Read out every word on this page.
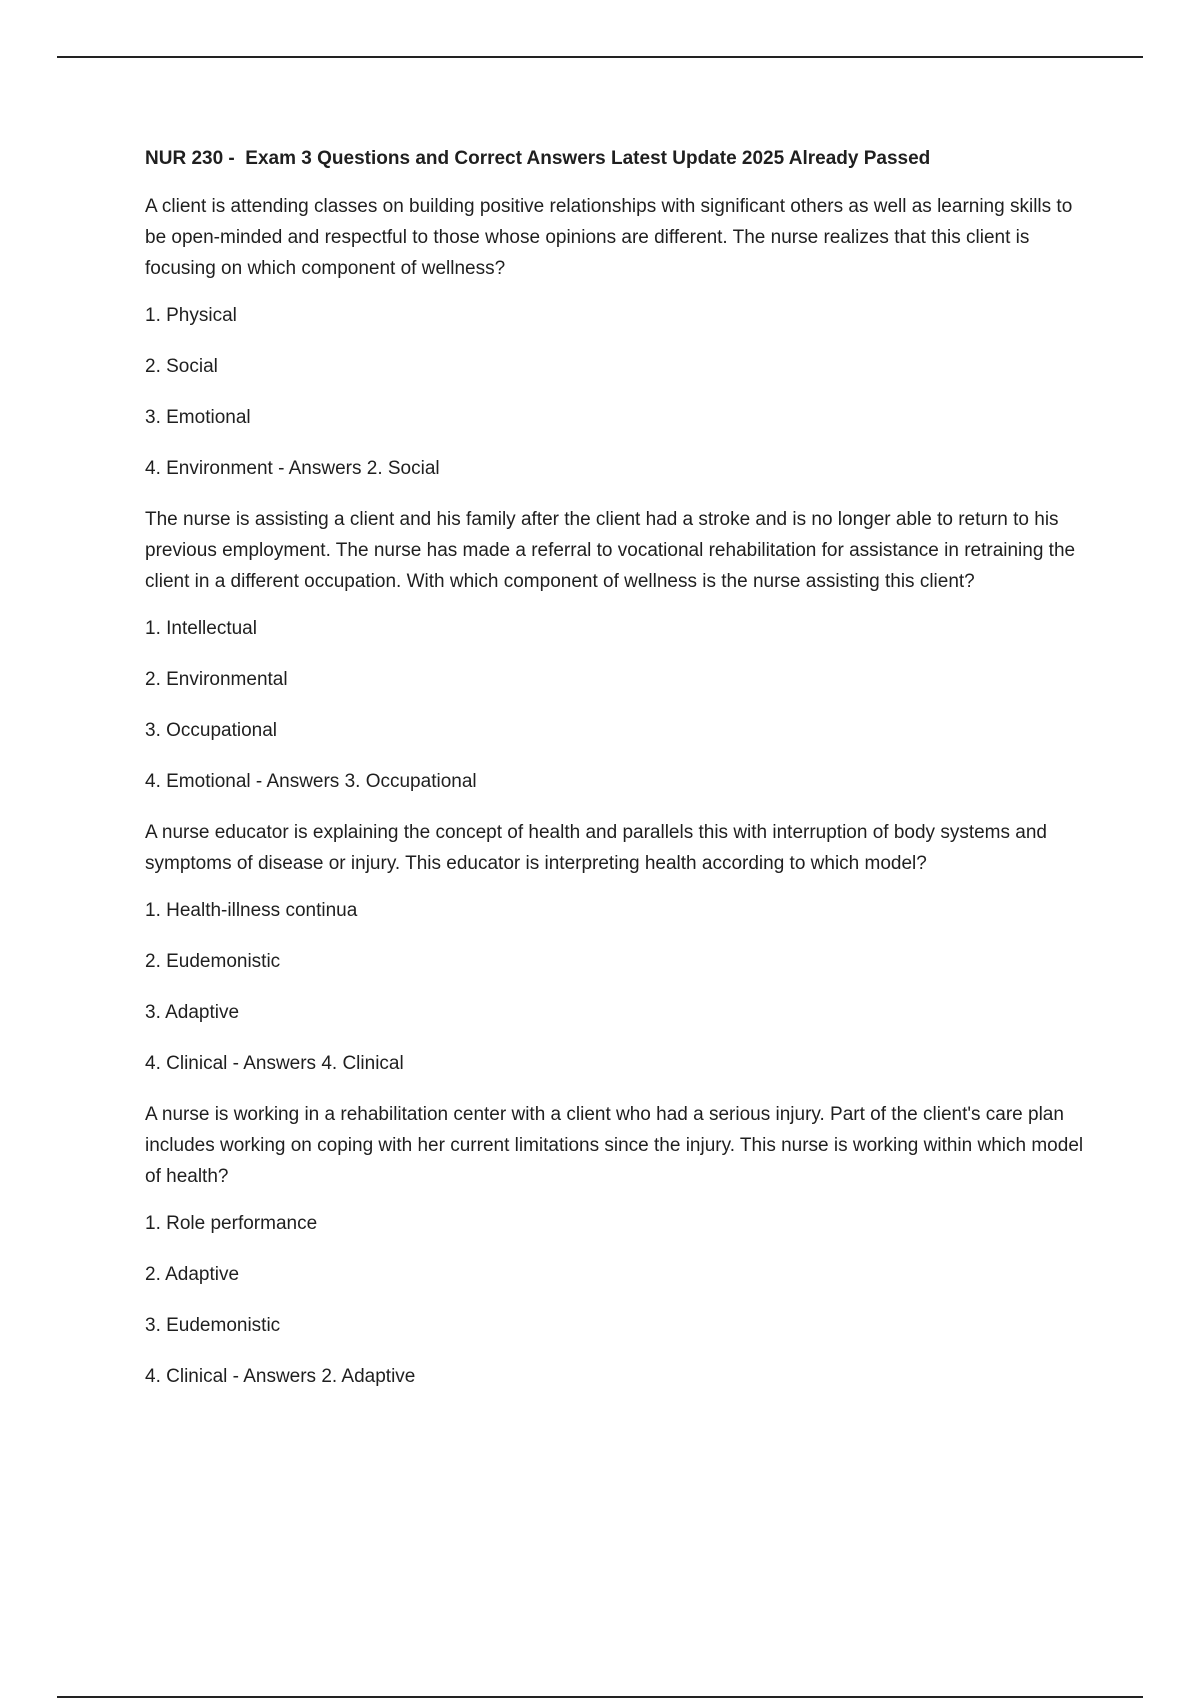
NUR 230 -  Exam 3 Questions and Correct Answers Latest Update 2025 Already Passed
A client is attending classes on building positive relationships with significant others as well as learning skills to be open-minded and respectful to those whose opinions are different. The nurse realizes that this client is focusing on which component of wellness?
1. Physical
2. Social
3. Emotional
4. Environment - Answers 2. Social
The nurse is assisting a client and his family after the client had a stroke and is no longer able to return to his previous employment. The nurse has made a referral to vocational rehabilitation for assistance in retraining the client in a different occupation. With which component of wellness is the nurse assisting this client?
1. Intellectual
2. Environmental
3. Occupational
4. Emotional - Answers 3. Occupational
A nurse educator is explaining the concept of health and parallels this with interruption of body systems and symptoms of disease or injury. This educator is interpreting health according to which model?
1. Health-illness continua
2. Eudemonistic
3. Adaptive
4. Clinical - Answers 4. Clinical
A nurse is working in a rehabilitation center with a client who had a serious injury. Part of the client's care plan includes working on coping with her current limitations since the injury. This nurse is working within which model of health?
1. Role performance
2. Adaptive
3. Eudemonistic
4. Clinical - Answers 2. Adaptive
